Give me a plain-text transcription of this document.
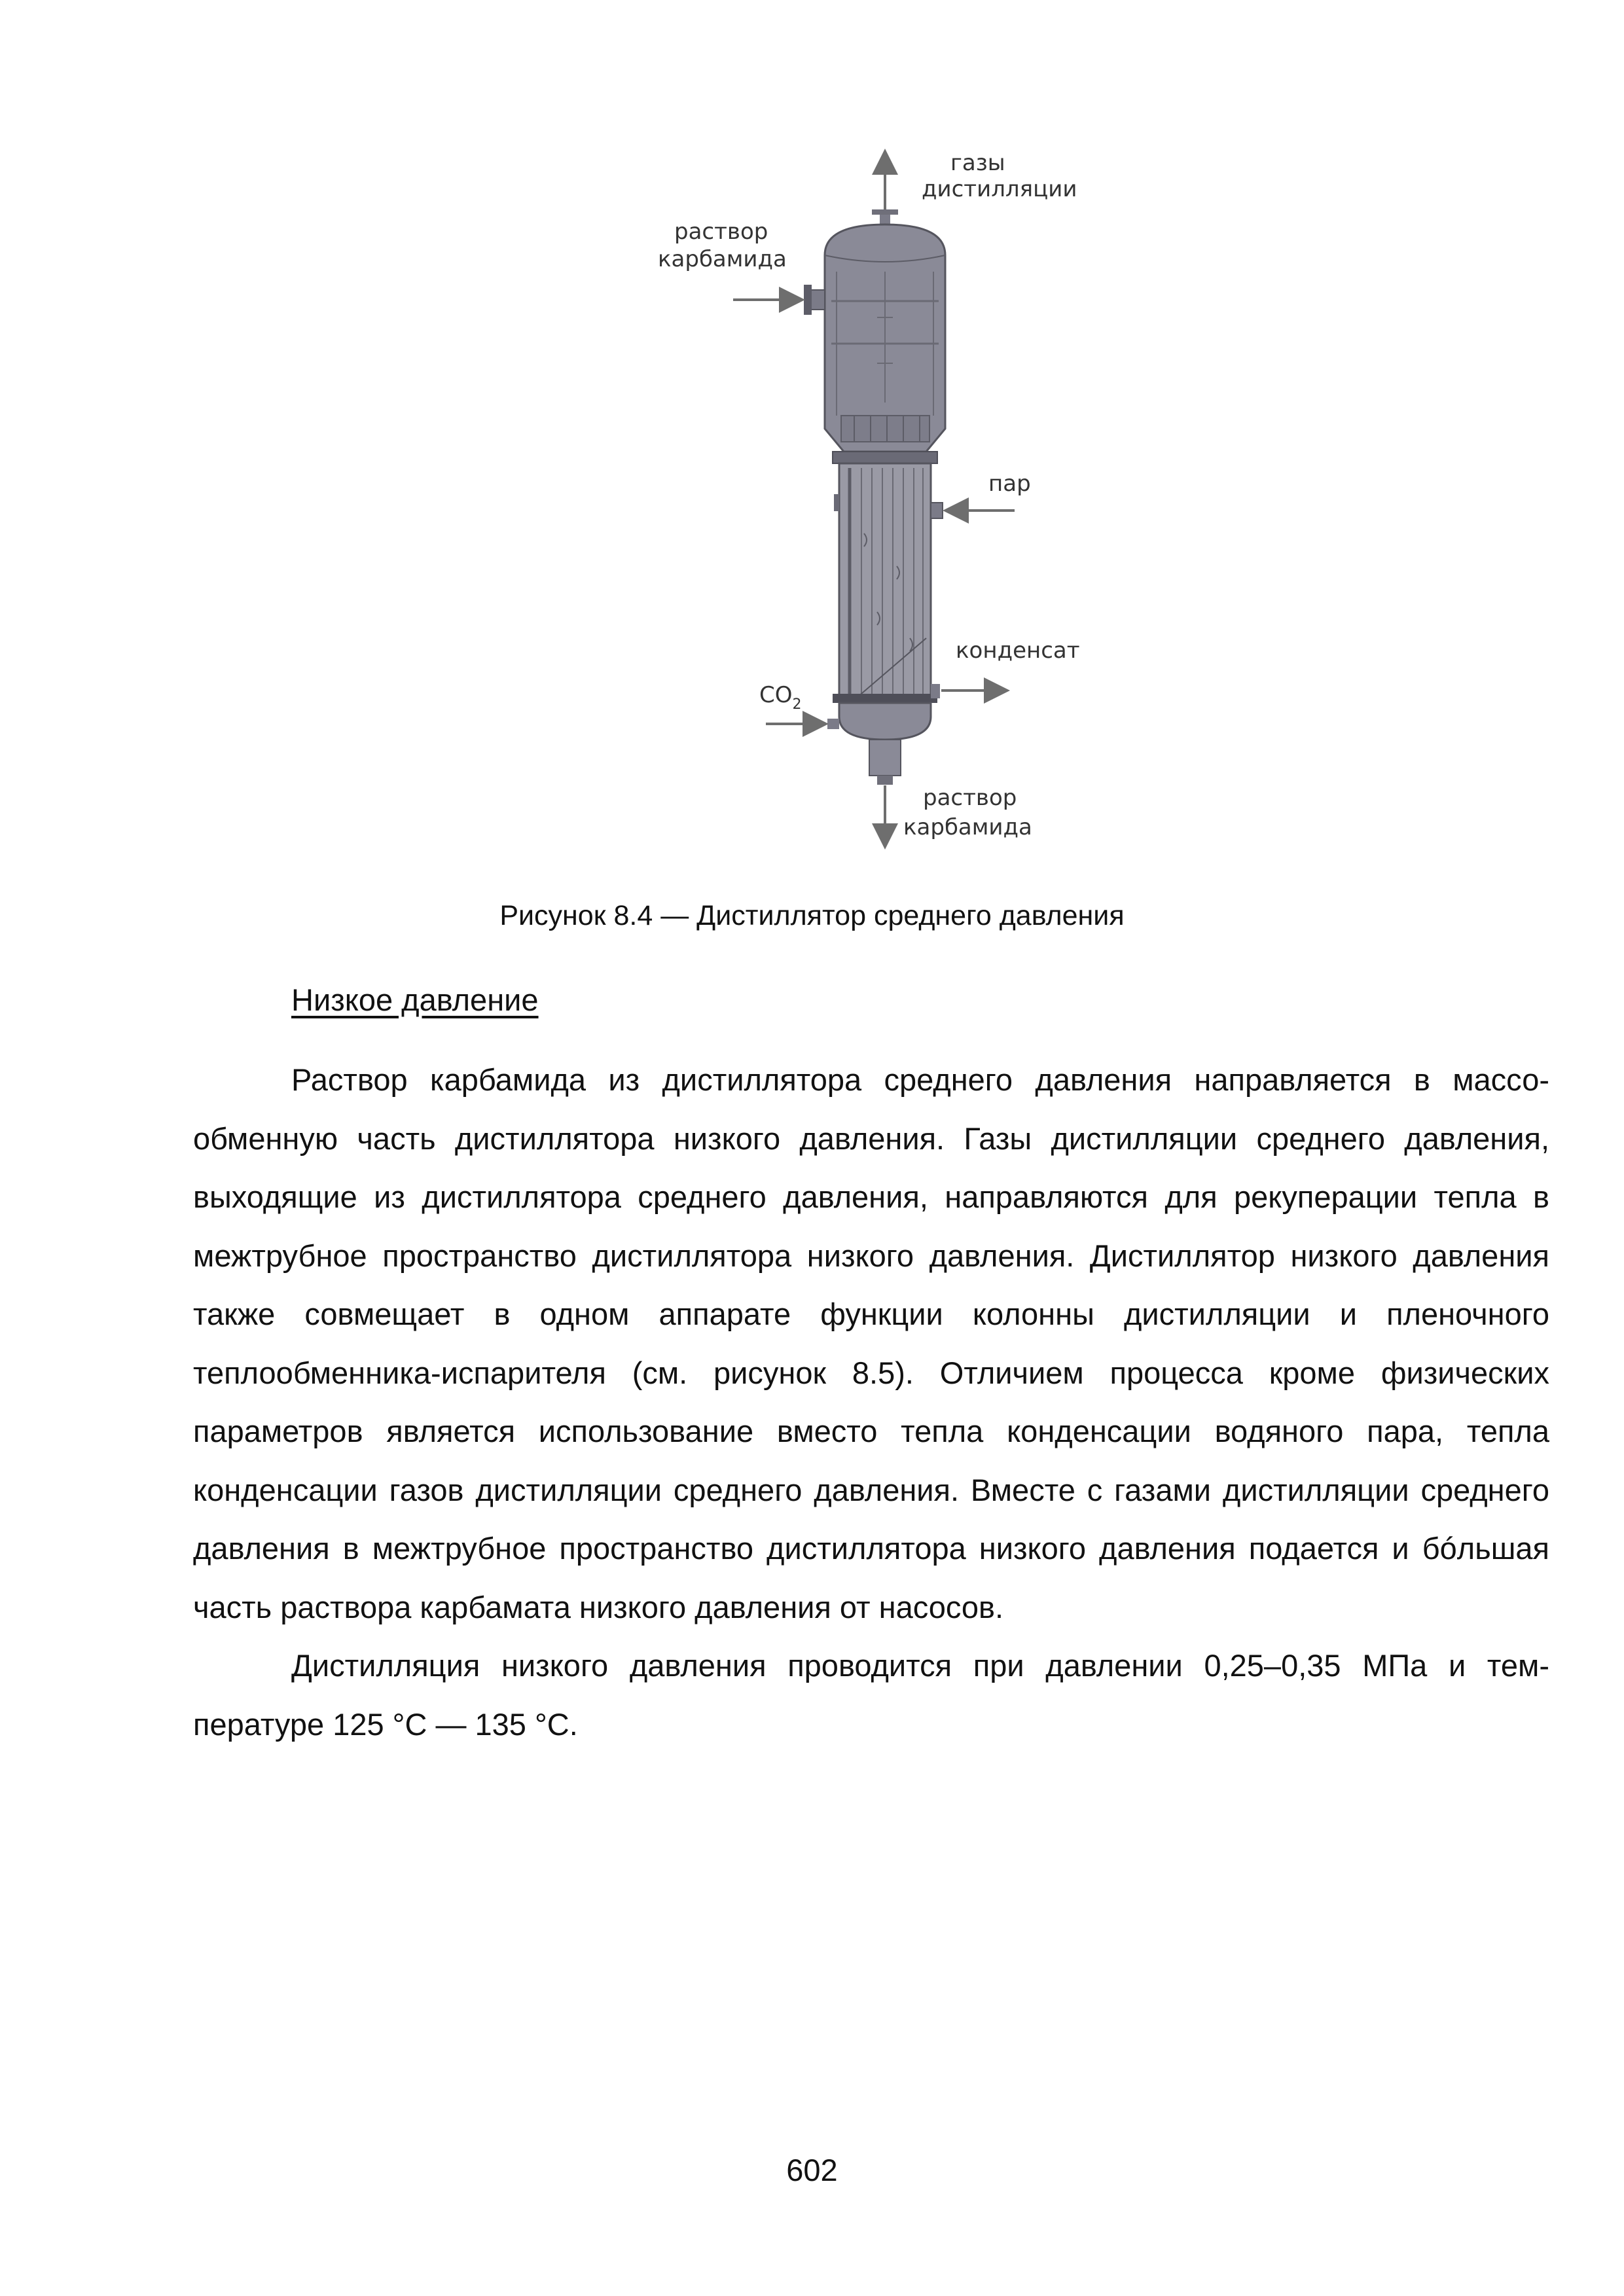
газы
дистилляции
раствор
карбамида
пар
конденсат
$CO_2$
раствор
карбамида
Рисунок 8.4 — Дистиллятор среднего давления
Низкое давление

Раствор карбамида из дистиллятора среднего давления направляется в массообменную часть дистиллятора низкого давления. Газы дистилляции среднего давления, выходящие из дистиллятора среднего давления, направляются для рекуперации тепла в межтрубное пространство дистиллятора низкого давления. Дистиллятор низкого давления также совмещает в одном аппарате функции колонны дистилляции и пленочного теплообменника-испарителя (см. рисунок 8.5). Отличием процесса кроме физических параметров является использование вместо тепла конденсации водяного пара, тепла конденсации газов дистилляции среднего давления. Вместе с газами дистилляции среднего давления в межтрубное пространство дистиллятора низкого давления подается и бóльшая часть раствора карбамата низкого давления от насосов.

Дистилляция низкого давления проводится при давлении 0,25–0,35 МПа и температуре 125 °C — 135 °C.

602
